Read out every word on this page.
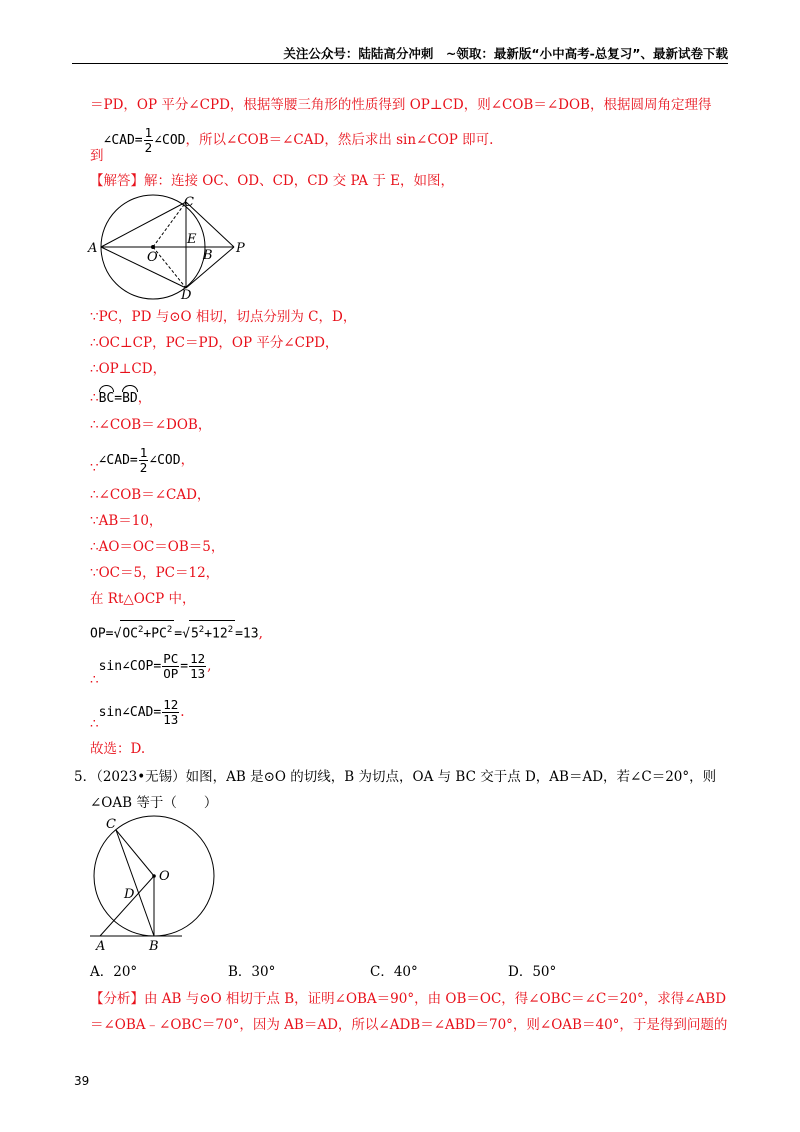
关注公众号：陆陆高分冲刺　~领取：最新版“小中高考-总复习”、最新试卷下载
＝PD，OP 平分∠CPD，根据等腰三角形的性质得到 OP⊥CD，则∠COB＝∠DOB，根据圆周角定理得
到∠CAD= $\frac{1}{2}$ ∠COD，所以∠COB＝∠CAD，然后求出 sin∠COP 即可.
【解答】解：连接 OC、OD、CD，CD 交 PA 于 E，如图，
A
O
E
B
C
D
P
∵PC，PD 与⊙O 相切，切点分别为 C，D，
∴OC⊥CP，PC＝PD，OP 平分∠CPD，
∴OP⊥CD，
∴BC=BD，
∴∠COB＝∠DOB，
∵∠CAD= $\frac{1}{2}$ ∠COD，
∴∠COB＝∠CAD，
∵AB＝10，
∴AO＝OC＝OB＝5，
∵OC＝5，PC＝12，
在 Rt△OCP 中，
$OP=√OC^2+PC^2 =√5^2+12^2 =13$,
∴sin∠COP= $\frac{PC}{OP} = \frac{12}{13}$ ,
∴sin∠CAD= $\frac{12}{13}$ .
故选：D.
5．（2023•无锡）如图，AB 是⊙O 的切线，B 为切点，OA 与 BC 交于点 D，AB＝AD，若∠C＝20°，则
∠OAB 等于（　　）
C
O
D
A	B
A．20°	B．30°	C．40°	D．50°
【分析】由 AB 与⊙O 相切于点 B，证明∠OBA＝90°，由 OB＝OC，得∠OBC＝∠C＝20°，求得∠ABD
＝∠OBA﹣∠OBC＝70°，因为 AB＝AD，所以∠ADB＝∠ABD＝70°，则∠OAB＝40°，于是得到问题的
39
